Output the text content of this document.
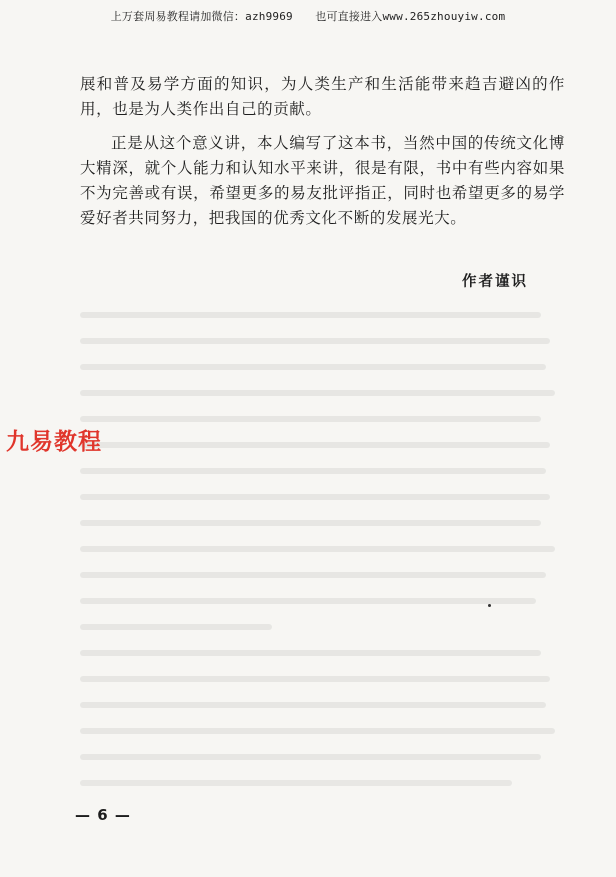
上万套周易教程请加微信：azh9969　　也可直接进入www.265zhouyiw.com

展和普及易学方面的知识，为人类生产和生活能带来趋吉避凶的作用，也是为人类作出自己的贡献。

正是从这个意义讲，本人编写了这本书，当然中国的传统文化博大精深，就个人能力和认知水平来讲，很是有限，书中有些内容如果不为完善或有误，希望更多的易友批评指正，同时也希望更多的易学爱好者共同努力，把我国的优秀文化不断的发展光大。

作者谨识
九易教程
— 6 —
